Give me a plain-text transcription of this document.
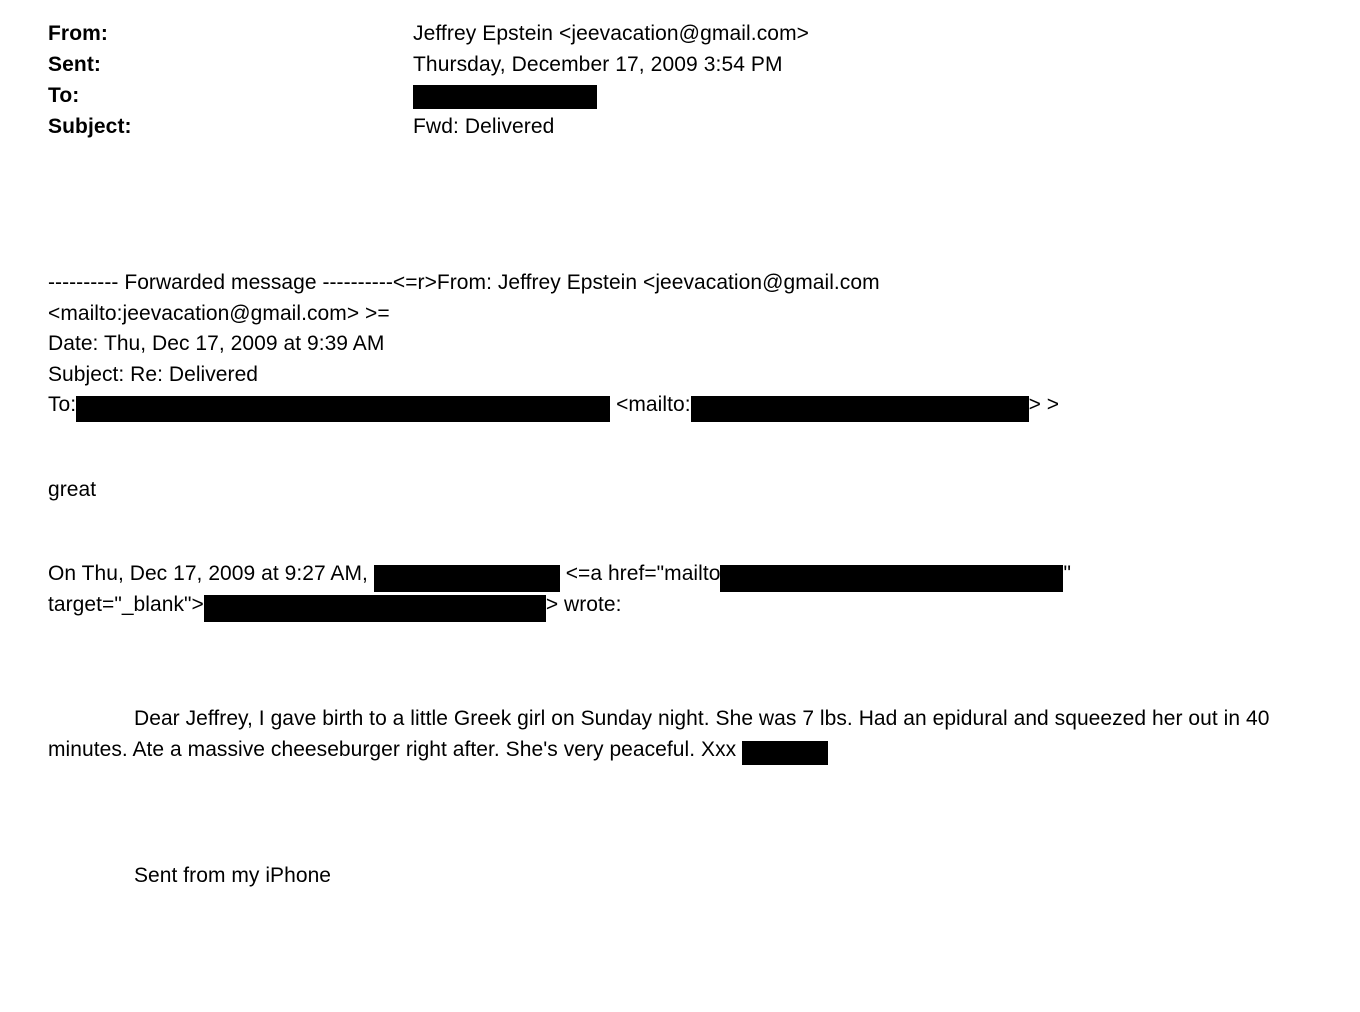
From:	Jeffrey Epstein <jeevacation@gmail.com>
Sent:	Thursday, December 17, 2009 3:54 PM
To:
Subject:	Fwd: Delivered
---------- Forwarded message ----------<=r>From: Jeffrey Epstein <jeevacation@gmail.com
<mailto:jeevacation@gmail.com> >=
Date: Thu, Dec 17, 2009 at 9:39 AM
Subject: Re: Delivered
To:	<mailto:	> >
great
On Thu, Dec 17, 2009 at 9:27 AM,	<=a href="mailto	"
target="_blank">	> wrote:
Dear Jeffrey, I gave birth to a little Greek girl on Sunday night. She was 7 lbs. Had an epidural and squeezed her out in 40 minutes. Ate a massive cheeseburger right after. She's very peaceful. Xxx
Sent from my iPhone
